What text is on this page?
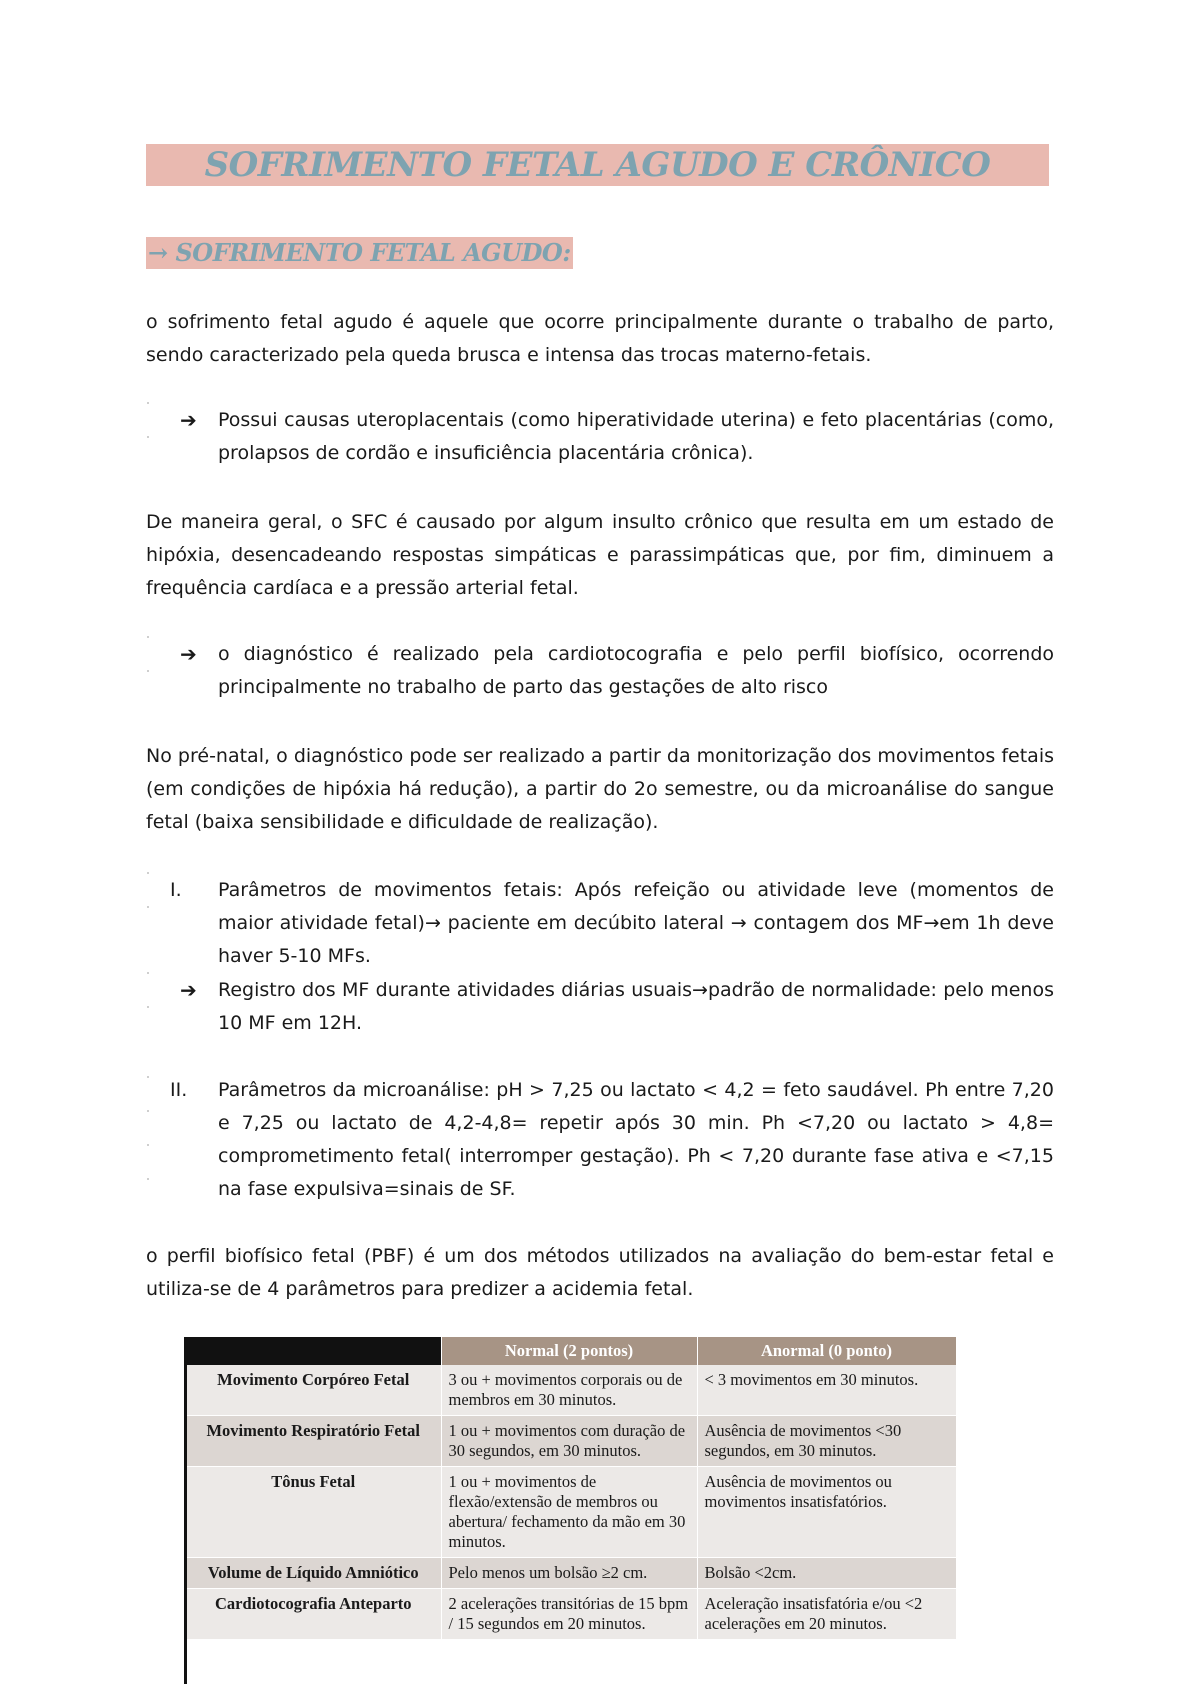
SOFRIMENTO FETAL AGUDO E CRÔNICO
→ SOFRIMENTO FETAL AGUDO:

o sofrimento fetal agudo é aquele que ocorre principalmente durante o trabalho de parto, sendo caracterizado pela queda brusca e intensa das trocas materno-fetais.

➔	Possui causas uteroplacentais (como hiperatividade uterina) e feto placentárias (como, prolapsos de cordão e insuficiência placentária crônica).

De maneira geral, o SFC é causado por algum insulto crônico que resulta em um estado de hipóxia, desencadeando respostas simpáticas e parassimpáticas que, por fim, diminuem a frequência cardíaca e a pressão arterial fetal.

➔	o diagnóstico é realizado pela cardiotocografia e pelo perfil biofísico, ocorrendo principalmente no trabalho de parto das gestações de alto risco

No pré-natal, o diagnóstico pode ser realizado a partir da monitorização dos movimentos fetais (em condições de hipóxia há redução), a partir do 2o semestre, ou da microanálise do sangue fetal (baixa sensibilidade e dificuldade de realização).

I.	Parâmetros de movimentos fetais: Após refeição ou atividade leve (momentos de maior atividade fetal)→ paciente em decúbito lateral → contagem dos MF→em 1h deve haver 5-10 MFs.
➔	Registro dos MF durante atividades diárias usuais→padrão de normalidade: pelo menos 10 MF em 12H.
II.	Parâmetros da microanálise: pH > 7,25 ou lactato < 4,2 = feto saudável. Ph entre 7,20 e 7,25 ou lactato de 4,2-4,8= repetir após 30 min. Ph <7,20 ou lactato > 4,8= comprometimento fetal( interromper gestação). Ph < 7,20 durante fase ativa e <7,15 na fase expulsiva=sinais de SF.

o perfil biofísico fetal (PBF) é um dos métodos utilizados na avaliação do bem-estar fetal e utiliza-se de 4 parâmetros para predizer a acidemia fetal.

	Normal (2 pontos)	Anormal (0 ponto)
Movimento Corpóreo Fetal	3 ou + movimentos corporais ou de membros em 30 minutos.	< 3 movimentos em 30 minutos.
Movimento Respiratório Fetal	1 ou + movimentos com duração de 30 segundos, em 30 minutos.	Ausência de movimentos <30 segundos, em 30 minutos.
Tônus Fetal	1 ou + movimentos de flexão/extensão de membros ou abertura/ fechamento da mão em 30 minutos.	Ausência de movimentos ou movimentos insatisfatórios.
Volume de Líquido Amniótico	Pelo menos um bolsão ≥2 cm.	Bolsão <2cm.
Cardiotocografia Anteparto	2 acelerações transitórias de 15 bpm / 15 segundos em 20 minutos.	Aceleração insatisfatória e/ou <2 acelerações em 20 minutos.
